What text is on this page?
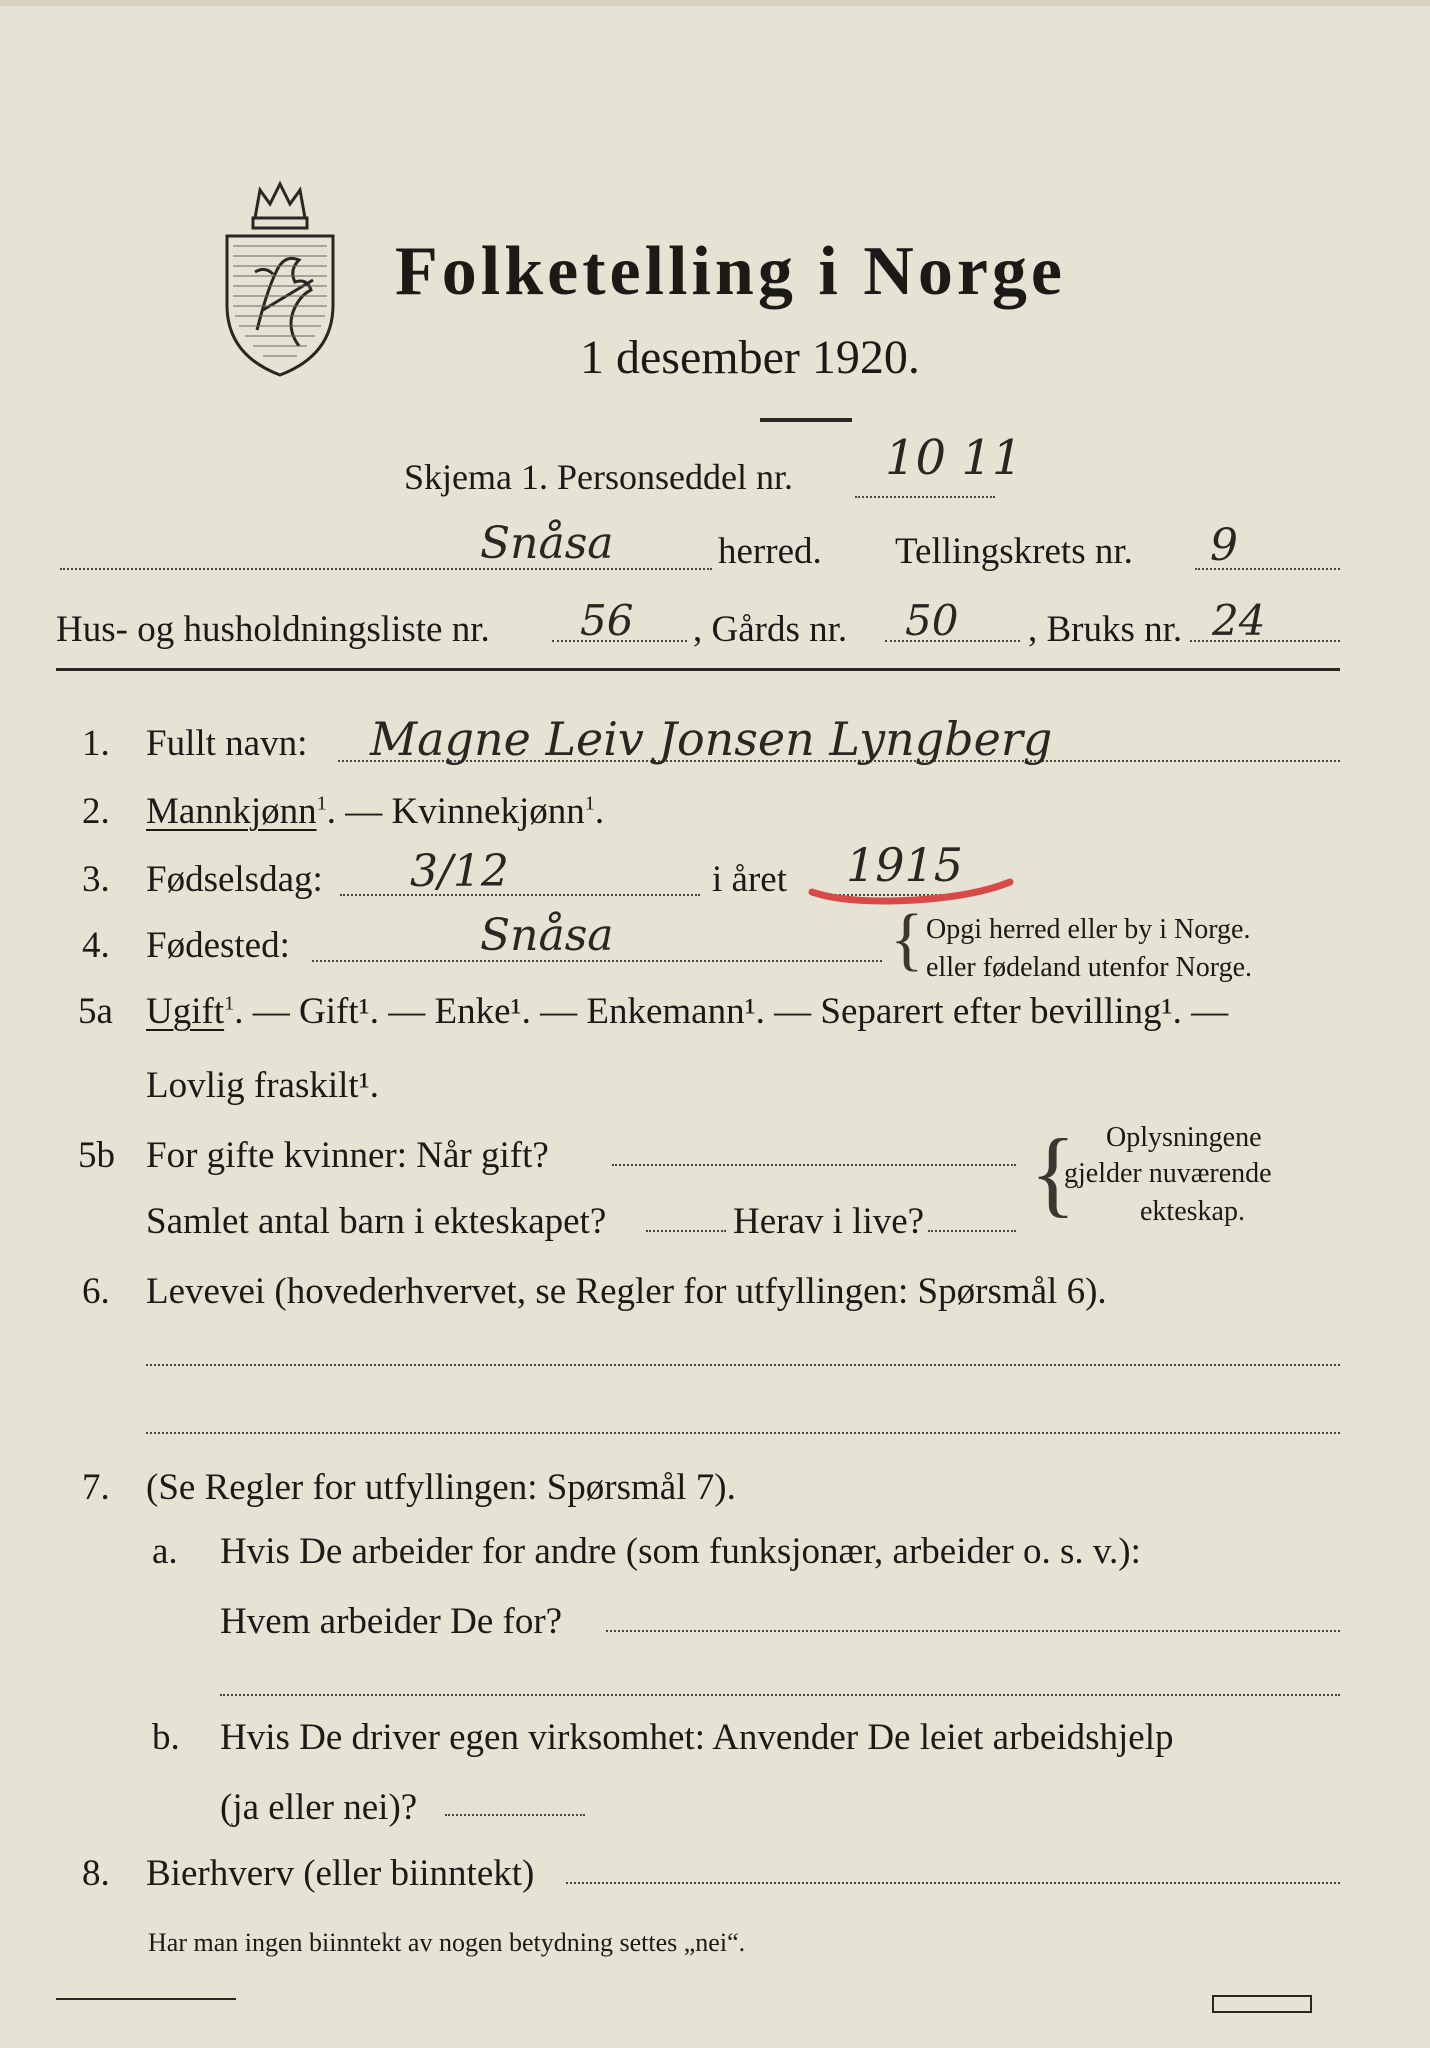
Folketelling i Norge
1 desember 1920.
Skjema 1. Personseddel nr. 10 11
Snåsa	herred. Tellingskrets nr. 9
Hus- og husholdningsliste nr. 56 , Gårds nr. 50 , Bruks nr. 24
1. Fullt navn: Magne Leiv Jonsen Lyngberg
2. Mannkjønn$^1$. — Kvinnekjønn$^1$.
3. Fødselsdag: 3/12	i året 1915
4. Fødested:	Snåsa	{ Opgi herred eller by i Norge.
eller fødeland utenfor Norge.
5a Ugift$^1$. — Gift¹. — Enke¹. — Enkemann¹. — Separert efter bevilling¹. —
Lovlig fraskilt¹.
5b For gifte kvinner: Når gift?
Samlet antal barn i ekteskapet?	Herav i live? { Oplysningene
gjelder nuværende
ekteskap.
6. Levevei (hovederhvervet, se Regler for utfyllingen: Spørsmål 6).
7. (Se Regler for utfyllingen: Spørsmål 7).
a. Hvis De arbeider for andre (som funksjonær, arbeider o. s. v.):
Hvem arbeider De for?
b. Hvis De driver egen virksomhet: Anvender De leiet arbeidshjelp
(ja eller nei)?
8. Bierhverv (eller biinntekt)
Har man ingen biinntekt av nogen betydning settes „nei“.
